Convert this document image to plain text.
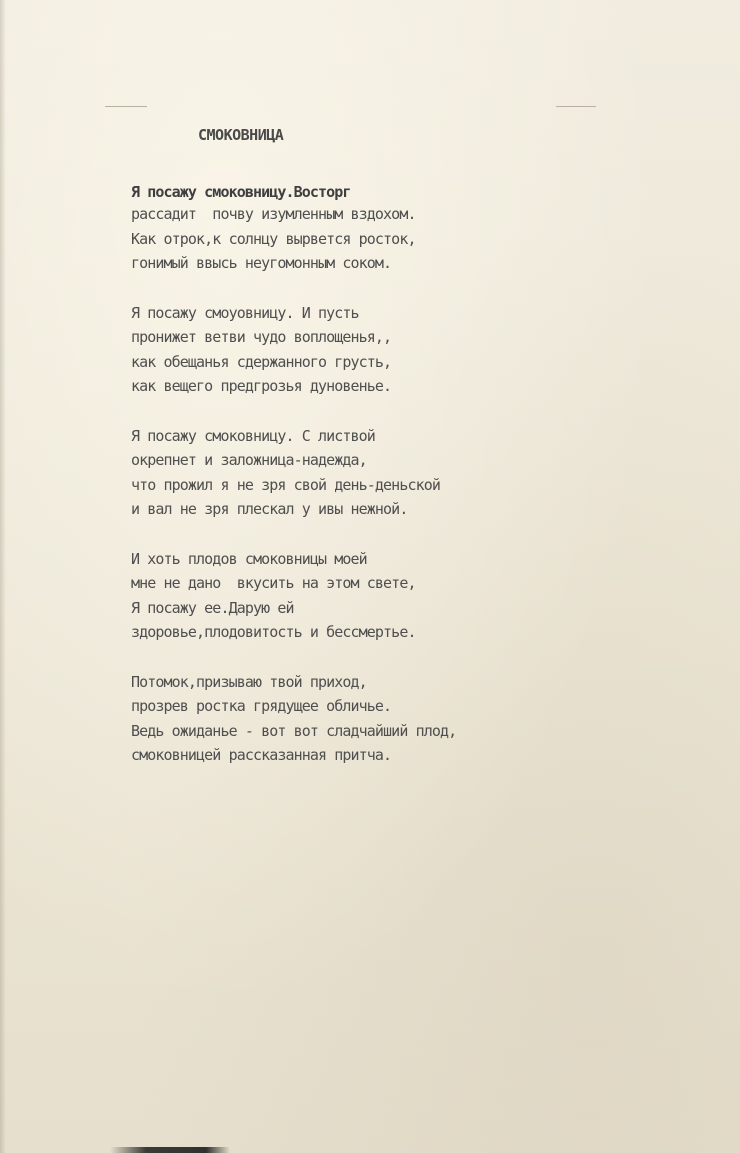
СМОКОВНИЦА
Я посажу смоковницу.Восторг
рассадит  почву изумленным вздохом.
Как отрок,к солнцу вырвется росток,
гонимый ввысь неугомонным соком.
Я посажу смоуовницу. И пусть
пронижет ветви чудо воплощенья,,
как обещанья сдержанного грусть,
как вещего предгрозья дуновенье.
Я посажу смоковницу. С листвой
окрепнет и заложница-надежда,
что прожил я не зря свой день-деньской
и вал не зря плескал у ивы нежной.
И хоть плодов смоковницы моей
мне не дано  вкусить на этом свете,
Я посажу ее.Дарую ей
здоровье,плодовитость и бессмертье.
Потомок,призываю твой приход,
прозрев ростка грядущее обличье.
Ведь ожиданье - вот вот сладчайший плод,
смоковницей рассказанная притча.
